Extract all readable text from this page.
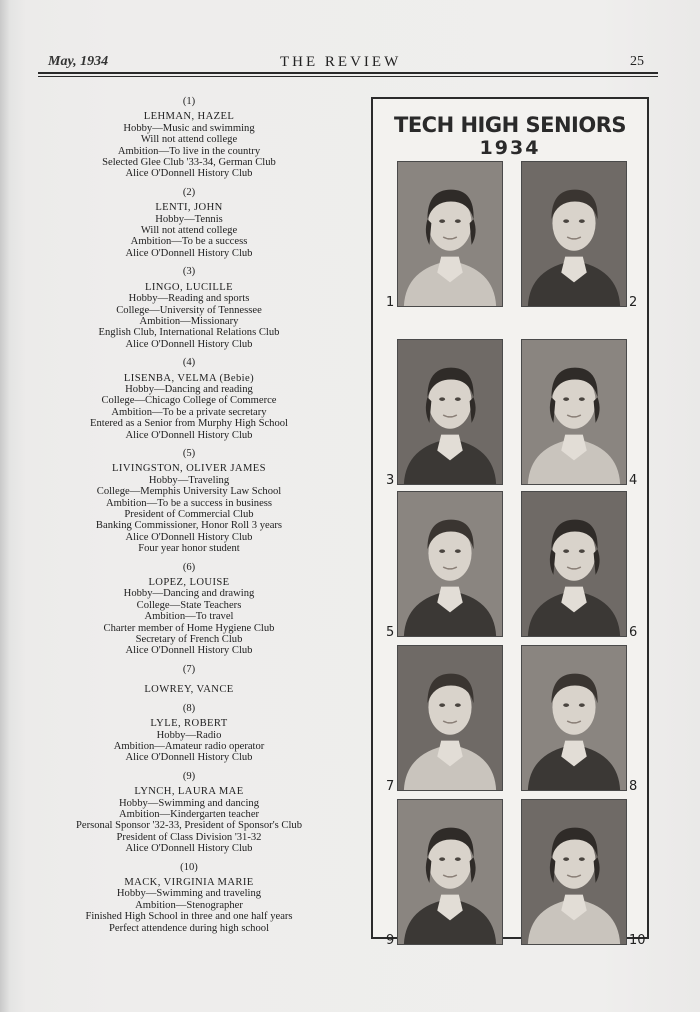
May, 1934	THE REVIEW	25
(1)
LEHMAN, HAZEL
Hobby—Music and swimming
Will not attend college
Ambition—To live in the country
Selected Glee Club '33-34, German Club
Alice O'Donnell History Club
(2)
LENTI, JOHN
Hobby—Tennis
Will not attend college
Ambition—To be a success
Alice O'Donnell History Club
(3)
LINGO, LUCILLE
Hobby—Reading and sports
College—University of Tennessee
Ambition—Missionary
English Club, International Relations Club
Alice O'Donnell History Club
(4)
LISENBA, VELMA (Bebie)
Hobby—Dancing and reading
College—Chicago College of Commerce
Ambition—To be a private secretary
Entered as a Senior from Murphy High School
Alice O'Donnell History Club
(5)
LIVINGSTON, OLIVER JAMES
Hobby—Traveling
College—Memphis University Law School
Ambition—To be a success in business
President of Commercial Club
Banking Commissioner, Honor Roll 3 years
Alice O'Donnell History Club
Four year honor student
(6)
LOPEZ, LOUISE
Hobby—Dancing and drawing
College—State Teachers
Ambition—To travel
Charter member of Home Hygiene Club
Secretary of French Club
Alice O'Donnell History Club
(7)
LOWREY, VANCE
(8)
LYLE, ROBERT
Hobby—Radio
Ambition—Amateur radio operator
Alice O'Donnell History Club
(9)
LYNCH, LAURA MAE
Hobby—Swimming and dancing
Ambition—Kindergarten teacher
Personal Sponsor '32-33, President of Sponsor's Club
President of Class Division '31-32
Alice O'Donnell History Club
(10)
MACK, VIRGINIA MARIE
Hobby—Swimming and traveling
Ambition—Stenographer
Finished High School in three and one half years
Perfect attendence during high school
TECH HIGH SENIORS
1934
1	2
3	4
5	6
7	8
9	10
